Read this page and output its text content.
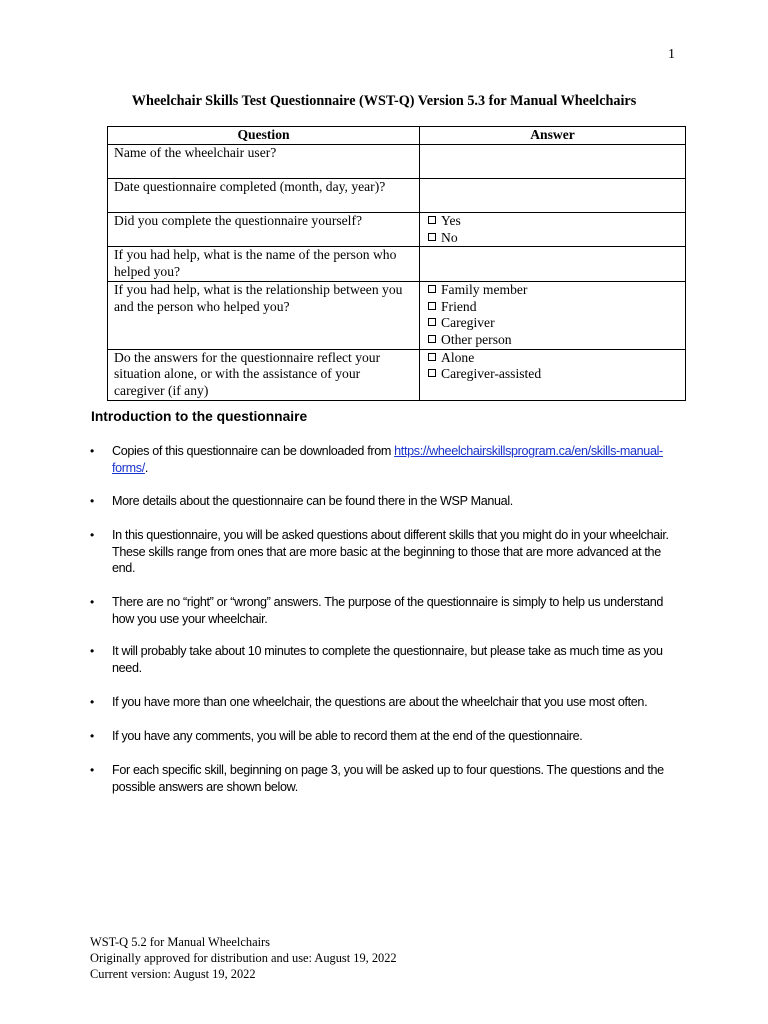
1
Wheelchair Skills Test Questionnaire (WST-Q) Version 5.3 for Manual Wheelchairs
Question	Answer
Name of the wheelchair user?	
Date questionnaire completed (month, day, year)?	
Did you complete the questionnaire yourself?	Yes
No

If you had help, what is the name of the person who helped you?	
If you had help, what is the relationship between you and the person who helped you?	Family member
Friend
Caregiver
Other person

Do the answers for the questionnaire reflect your situation alone, or with the assistance of your caregiver (if any)	Alone
Caregiver-assisted
Introduction to the questionnaire
• Copies of this questionnaire can be downloaded from https://wheelchairskillsprogram.ca/en/skills-manual-forms/.
• More details about the questionnaire can be found there in the WSP Manual.
• In this questionnaire, you will be asked questions about different skills that you might do in your wheelchair. These skills range from ones that are more basic at the beginning to those that are more advanced at the end.
• There are no “right” or “wrong” answers. The purpose of the questionnaire is simply to help us understand how you use your wheelchair.
• It will probably take about 10 minutes to complete the questionnaire, but please take as much time as you need.
• If you have more than one wheelchair, the questions are about the wheelchair that you use most often.
• If you have any comments, you will be able to record them at the end of the questionnaire.
• For each specific skill, beginning on page 3, you will be asked up to four questions. The questions and the possible answers are shown below.
WST-Q 5.2 for Manual Wheelchairs
Originally approved for distribution and use: August 19, 2022
Current version: August 19, 2022
